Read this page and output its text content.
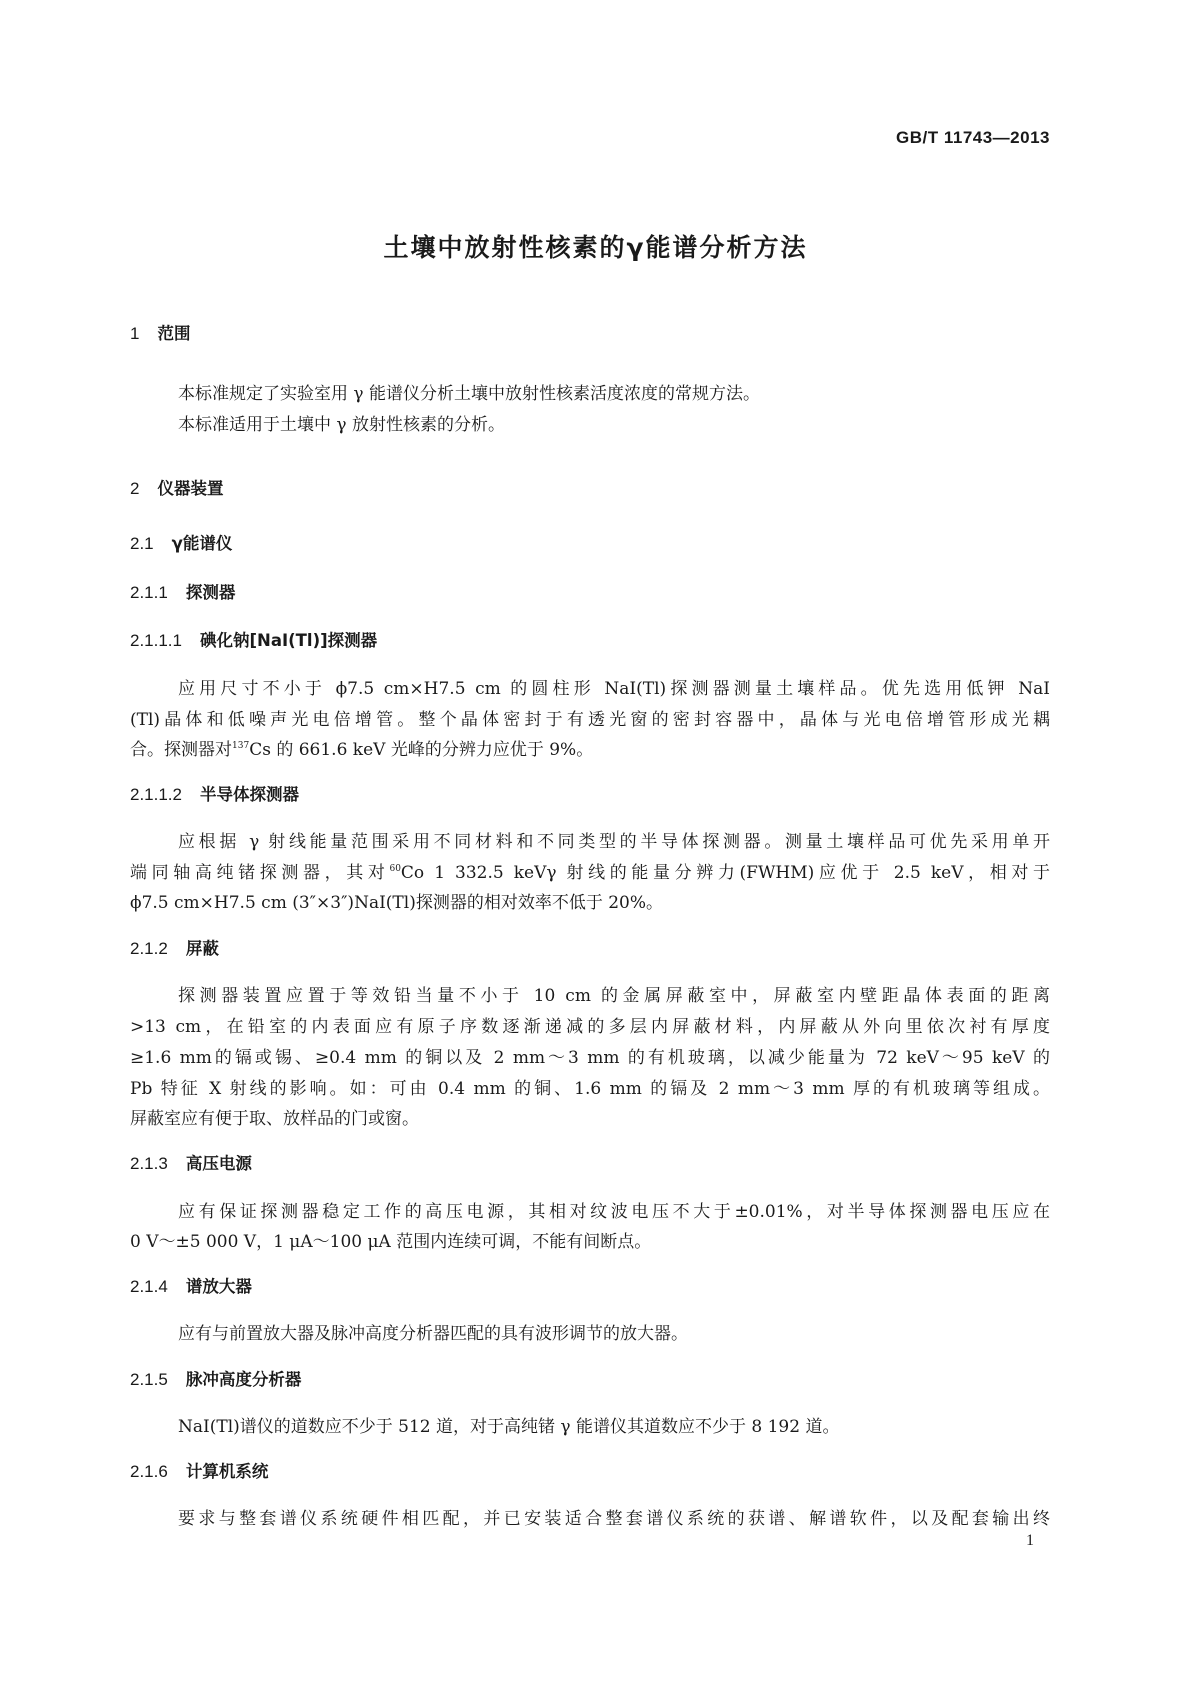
GB/T 11743—2013
土壤中放射性核素的γ能谱分析方法
1 范围
本标准规定了实验室用 γ 能谱仪分析土壤中放射性核素活度浓度的常规方法。
本标准适用于土壤中 γ 放射性核素的分析。
2 仪器装置
2.1 γ能谱仪
2.1.1 探测器
2.1.1.1 碘化钠[NaI(Tl)]探测器
应用尺寸不小于 ϕ7.5 cm×H7.5 cm 的圆柱形 NaI(Tl)探测器测量土壤样品。优先选用低钾 NaI
(Tl)晶体和低噪声光电倍增管。整个晶体密封于有透光窗的密封容器中，晶体与光电倍增管形成光耦
合。探测器对$^{137}$Cs 的 661.6 keV 光峰的分辨力应优于 9%。
2.1.1.2 半导体探测器
应根据 γ 射线能量范围采用不同材料和不同类型的半导体探测器。测量土壤样品可优先采用单开
端同轴高纯锗探测器，其对$^{60}$Co 1 332.5 keVγ 射线的能量分辨力(FWHM)应优于 2.5 keV，相对于
ϕ7.5 cm×H7.5 cm (3″×3″)NaI(Tl)探测器的相对效率不低于 20%。
2.1.2 屏蔽
探测器装置应置于等效铅当量不小于 10 cm 的金属屏蔽室中，屏蔽室内壁距晶体表面的距离
>13 cm，在铅室的内表面应有原子序数逐渐递减的多层内屏蔽材料，内屏蔽从外向里依次衬有厚度
≥1.6 mm的镉或锡、≥0.4 mm 的铜以及 2 mm～3 mm 的有机玻璃，以减少能量为 72 keV～95 keV 的
Pb 特征 X 射线的影响。如：可由 0.4 mm 的铜、1.6 mm 的镉及 2 mm～3 mm 厚的有机玻璃等组成。
屏蔽室应有便于取、放样品的门或窗。
2.1.3 高压电源
应有保证探测器稳定工作的高压电源，其相对纹波电压不大于±0.01%，对半导体探测器电压应在
0 V～±5 000 V，1 μA～100 μA 范围内连续可调，不能有间断点。
2.1.4 谱放大器
应有与前置放大器及脉冲高度分析器匹配的具有波形调节的放大器。
2.1.5 脉冲高度分析器
NaI(Tl)谱仪的道数应不少于 512 道，对于高纯锗 γ 能谱仪其道数应不少于 8 192 道。
2.1.6 计算机系统
要求与整套谱仪系统硬件相匹配，并已安装适合整套谱仪系统的获谱、解谱软件，以及配套输出终
1
